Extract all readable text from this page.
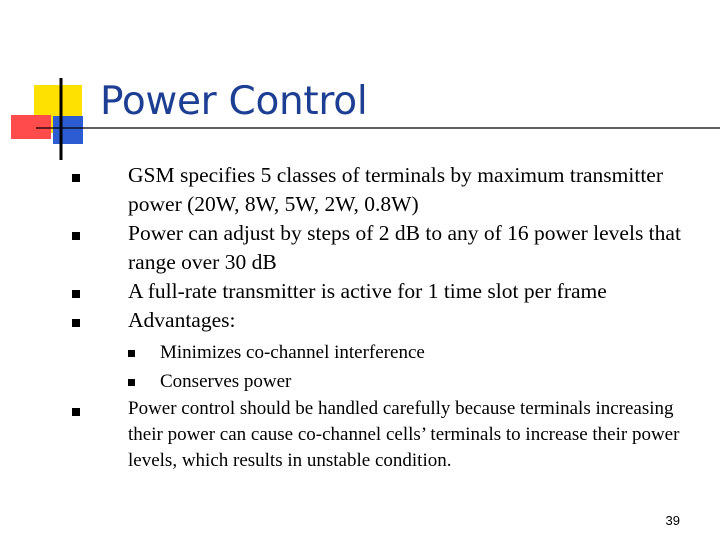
Power Control
GSM specifies 5 classes of terminals by maximum transmitter power (20W, 8W, 5W, 2W, 0.8W)
Power can adjust by steps of 2 dB to any of 16 power levels that range over 30 dB
A full-rate transmitter is active for 1 time slot per frame
Advantages:
Minimizes co-channel interference
Conserves power
Power control should be handled carefully because terminals increasing their power can cause co-channel cells’ terminals to increase their power levels, which results in unstable condition.
39
